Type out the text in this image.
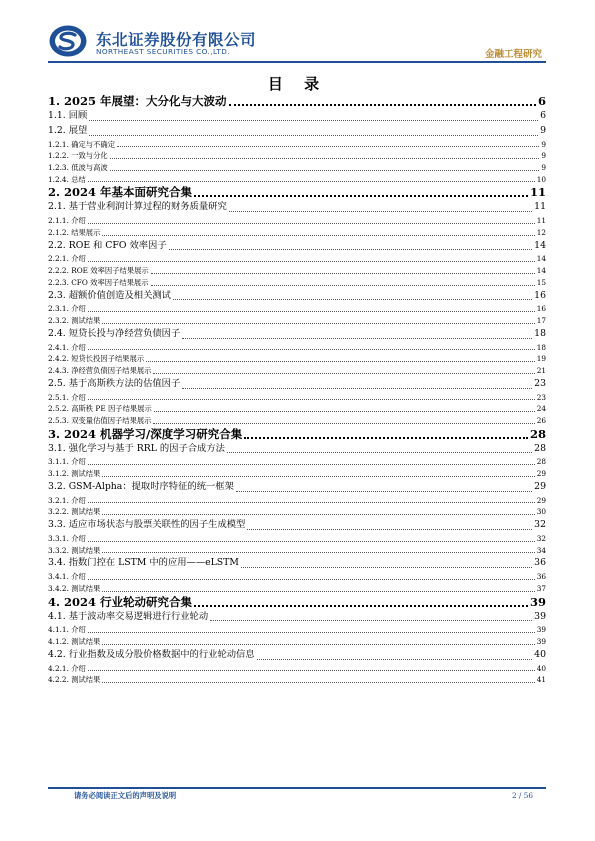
东北证券股份有限公司
NORTHEAST SECURITIES CO.,LTD.	金融工程研究
目 录
1. 2025 年展望：大分化与大波动	6
1.1. 回顾	6
1.2. 展望	9
1.2.1. 确定与不确定	9
1.2.2. 一致与分化	9
1.2.3. 低波与高波	9
1.2.4. 总结	10
2. 2024 年基本面研究合集	11
2.1. 基于营业利润计算过程的财务质量研究	11
2.1.1. 介绍	11
2.1.2. 结果展示	12
2.2. ROE 和 CFO 效率因子	14
2.2.1. 介绍	14
2.2.2. ROE 效率因子结果展示	14
2.2.3. CFO 效率因子结果展示	15
2.3. 超额价值创造及相关测试	16
2.3.1. 介绍	16
2.3.2. 测试结果	17
2.4. 短贷长投与净经营负债因子	18
2.4.1. 介绍	18
2.4.2. 短贷长投因子结果展示	19
2.4.3. 净经营负债因子结果展示	21
2.5. 基于高斯秩方法的估值因子	23
2.5.1. 介绍	23
2.5.2. 高斯秩 PE 因子结果展示	24
2.5.3. 双变量估值因子结果展示	26
3. 2024 机器学习/深度学习研究合集	28
3.1. 强化学习与基于 RRL 的因子合成方法	28
3.1.1. 介绍	28
3.1.2. 测试结果	29
3.2. GSM-Alpha：提取时序特征的统一框架	29
3.2.1. 介绍	29
3.2.2. 测试结果	30
3.3. 适应市场状态与股票关联性的因子生成模型	32
3.3.1. 介绍	32
3.3.2. 测试结果	34
3.4. 指数门控在 LSTM 中的应用——eLSTM	36
3.4.1. 介绍	36
3.4.2. 测试结果	37
4. 2024 行业轮动研究合集	39
4.1. 基于波动率交易逻辑进行行业轮动	39
4.1.1. 介绍	39
4.1.2. 测试结果	39
4.2. 行业指数及成分股价格数据中的行业轮动信息	40
4.2.1. 介绍	40
4.2.2. 测试结果	41
请务必阅读正文后的声明及说明	2 / 56
